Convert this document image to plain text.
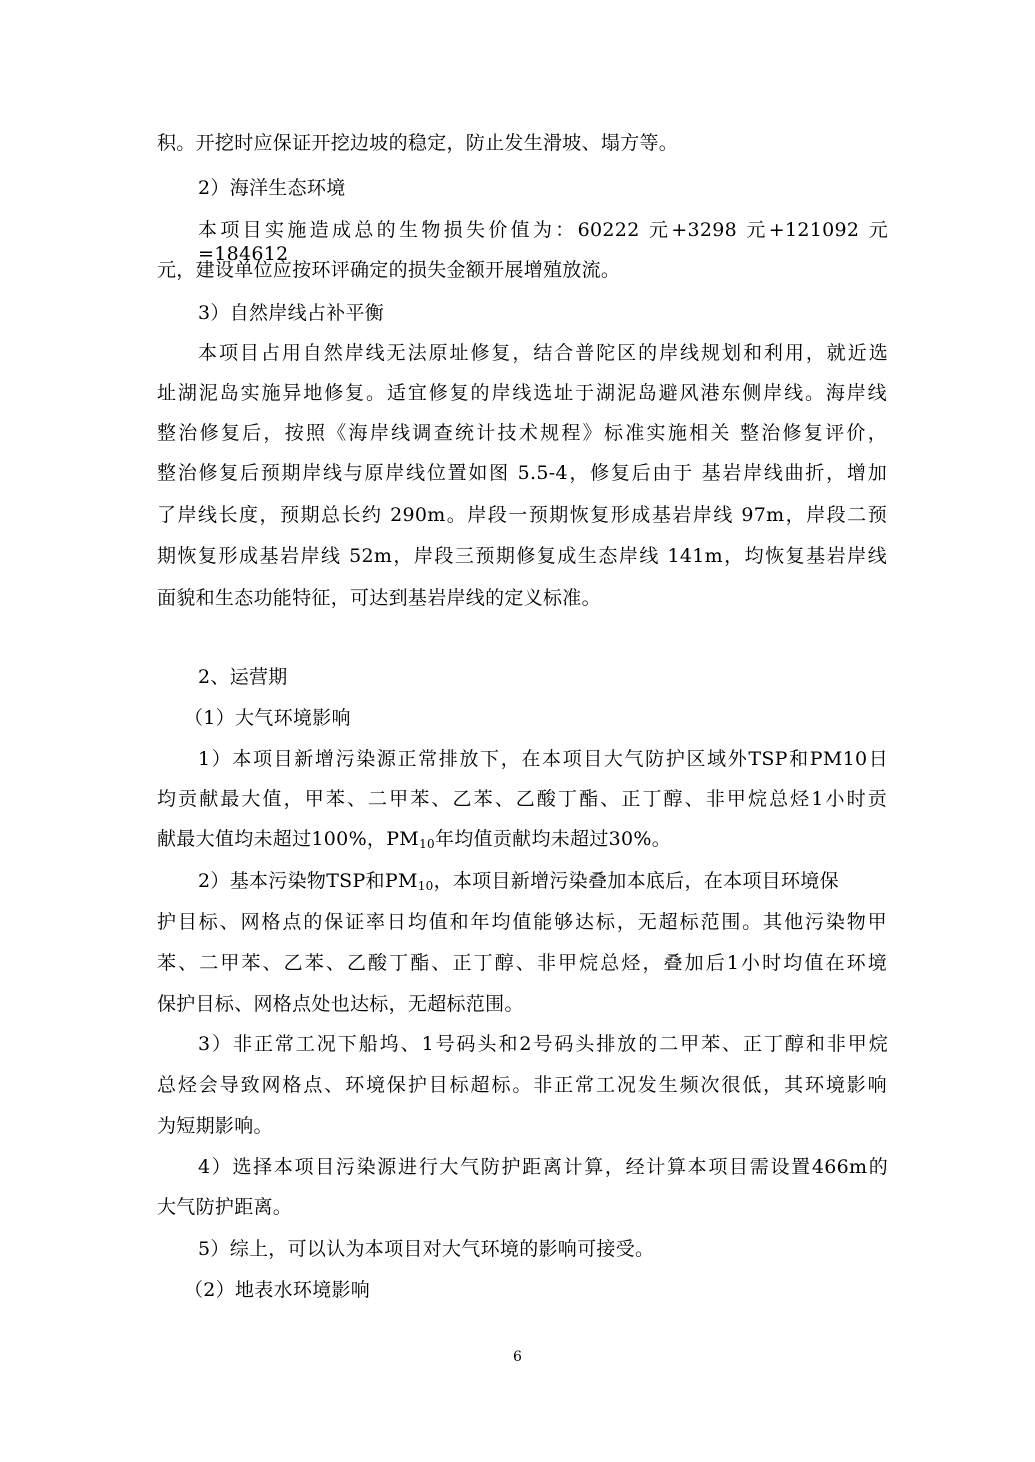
积。开挖时应保证开挖边坡的稳定，防止发生滑坡、塌方等。
2）海洋生态环境
本项目实施造成总的生物损失价值为：60222 元+3298 元+121092 元=184612
元，建设单位应按环评确定的损失金额开展增殖放流。
3）自然岸线占补平衡
本项目占用自然岸线无法原址修复，结合普陀区的岸线规划和利用，就近选
址湖泥岛实施异地修复。适宜修复的岸线选址于湖泥岛避风港东侧岸线。海岸线
整治修复后，按照《海岸线调查统计技术规程》标准实施相关 整治修复评价，
整治修复后预期岸线与原岸线位置如图 5.5-4，修复后由于 基岩岸线曲折，增加
了岸线长度，预期总长约 290m。岸段一预期恢复形成基岩岸线 97m，岸段二预
期恢复形成基岩岸线 52m，岸段三预期修复成生态岸线 141m，均恢复基岩岸线
面貌和生态功能特征，可达到基岩岸线的定义标准。
2、运营期
（1）大气环境影响
1）本项目新增污染源正常排放下，在本项目大气防护区域外TSP和PM10日
均贡献最大值，甲苯、二甲苯、乙苯、乙酸丁酯、正丁醇、非甲烷总烃1小时贡
献最大值均未超过100%，$PM_{10}$年均值贡献均未超过30%。
2）基本污染物TSP和$PM_{10}$，本项目新增污染叠加本底后，在本项目环境保
护目标、网格点的保证率日均值和年均值能够达标，无超标范围。其他污染物甲
苯、二甲苯、乙苯、乙酸丁酯、正丁醇、非甲烷总烃，叠加后1小时均值在环境
保护目标、网格点处也达标，无超标范围。
3）非正常工况下船坞、1号码头和2号码头排放的二甲苯、正丁醇和非甲烷
总烃会导致网格点、环境保护目标超标。非正常工况发生频次很低，其环境影响
为短期影响。
4）选择本项目污染源进行大气防护距离计算，经计算本项目需设置466m的
大气防护距离。
5）综上，可以认为本项目对大气环境的影响可接受。
（2）地表水环境影响
6
